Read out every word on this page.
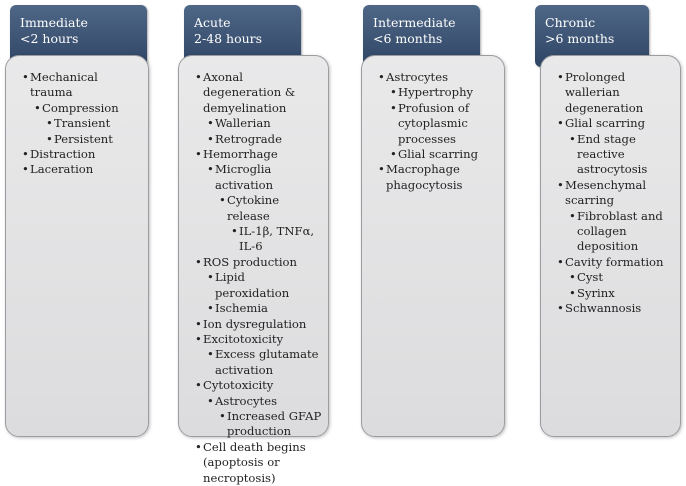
Immediate
<2 hours
• Mechanical trauma
• Compression
• Transient
• Persistent
• Distraction
• Laceration
Acute
2-48 hours
• Axonal degeneration &
demyelination
• Wallerian
• Retrograde
• Hemorrhage
• Microglia activation
• Cytokine release
• IL-1β, TNFα, IL-6
• ROS production
• Lipid peroxidation
• Ischemia
• Ion dysregulation
• Excitotoxicity
• Excess glutamate
activation
• Cytotoxicity
• Astrocytes
• Increased GFAP
production
• Cell death begins
(apoptosis or
necroptosis)
Intermediate
<6 months
• Astrocytes
• Hypertrophy
• Profusion of
cytoplasmic
processes
• Glial scarring
• Macrophage
phagocytosis
Chronic
>6 months
• Prolonged wallerian
degeneration
• Glial scarring
• End stage reactive
astrocytosis
• Mesenchymal
scarring
• Fibroblast and
collagen deposition
• Cavity formation
• Cyst
• Syrinx
• Schwannosis
